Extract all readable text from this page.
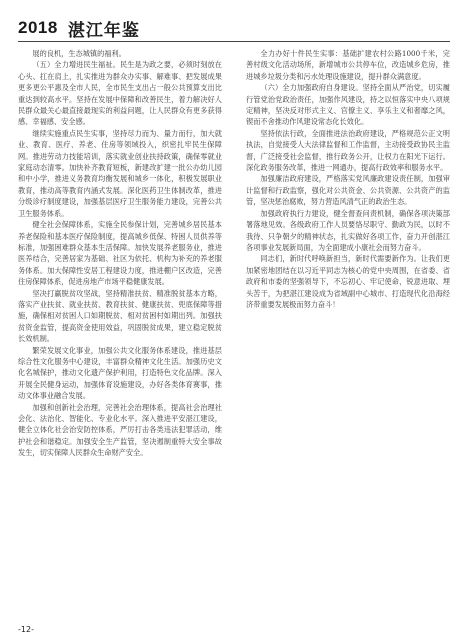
2018 湛江年鉴

展的良机，生态城镇的福利。

（五）全力增进民生福祉。民生是为政之要，必须时刻放在心头、扛在肩上，扎实推进为群众办实事、解难事、把发展成果更多更公平惠及全市人民，全市民生支出占一般公共预算支出比重达到较高水平。坚持在发展中保障和改善民生，着力解决好人民群众最关心最直接最现实的利益问题，让人民群众有更多获得感、幸福感、安全感。

继续实施重点民生实事，坚持尽力而为、量力而行，加大就业、教育、医疗、养老、住房等领域投入，织密扎牢民生保障网。推进劳动力技能培训，落实就业创业扶持政策，确保零就业家庭动态清零。加快补齐教育短板，新建改扩建一批公办幼儿园和中小学，推进义务教育均衡发展和城乡一体化，积极发展职业教育，推动高等教育内涵式发展。深化医药卫生体制改革，推进分级诊疗制度建设，加强基层医疗卫生服务能力建设，完善公共卫生服务体系。

健全社会保障体系，实施全民参保计划，完善城乡居民基本养老保险和基本医疗保险制度，提高城乡低保、特困人员供养等标准，加强困难群众基本生活保障。加快发展养老服务业，推进医养结合，完善居家为基础、社区为依托、机构为补充的养老服务体系。加大保障性安居工程建设力度，推进棚户区改造，完善住房保障体系，促进房地产市场平稳健康发展。

坚决打赢脱贫攻坚战，坚持精准扶贫、精准脱贫基本方略，落实产业扶贫、就业扶贫、教育扶贫、健康扶贫、兜底保障等措施，确保相对贫困人口如期脱贫、相对贫困村如期出列。加强扶贫资金监管，提高资金使用效益，巩固脱贫成果，建立稳定脱贫长效机制。

繁荣发展文化事业，加强公共文化服务体系建设，推进基层综合性文化服务中心建设，丰富群众精神文化生活。加强历史文化名城保护，推动文化遗产保护利用，打造特色文化品牌。深入开展全民健身运动，加强体育设施建设，办好各类体育赛事，推动文体事业融合发展。

加强和创新社会治理，完善社会治理体系，提高社会治理社会化、法治化、智能化、专业化水平。深入推进平安湛江建设，健全立体化社会治安防控体系，严厉打击各类违法犯罪活动，维护社会和谐稳定。加强安全生产监管，坚决遏制重特大安全事故发生，切实保障人民群众生命财产安全。

全力办好十件民生实事：基础扩建农村公路1000千米，完善村级文化活动场所，新增城市公共停车位，改造城乡危房，推进城乡垃圾分类和污水处理设施建设，提升群众满意度。

（六）全力加强政府自身建设。坚持全面从严治党，切实履行管党治党政治责任，加强作风建设，持之以恒落实中央八项规定精神，坚决反对形式主义、官僚主义、享乐主义和奢靡之风，锲而不舍推动作风建设常态化长效化。

坚持依法行政，全面推进法治政府建设，严格规范公正文明执法，自觉接受人大法律监督和工作监督，主动接受政协民主监督，广泛接受社会监督，推行政务公开，让权力在阳光下运行。深化政务服务改革，推进一网通办，提高行政效率和服务水平。

加强廉洁政府建设，严格落实党风廉政建设责任制，加强审计监督和行政监察，强化对公共资金、公共资源、公共资产的监管，坚决惩治腐败，努力营造风清气正的政治生态。

加强政府执行力建设，健全督查问责机制，确保各项决策部署落地见效。各级政府工作人员要恪尽职守、勤政为民，以时不我待、只争朝夕的精神状态，扎实做好各项工作，奋力开创湛江各项事业发展新局面，为全面建成小康社会而努力奋斗。

同志们，新时代呼唤新担当，新时代需要新作为。让我们更加紧密地团结在以习近平同志为核心的党中央周围，在省委、省政府和市委的坚强领导下，不忘初心、牢记使命，锐意进取、埋头苦干，为把湛江建设成为省域副中心城市、打造现代化沿海经济带重要发展极而努力奋斗！

-12-
